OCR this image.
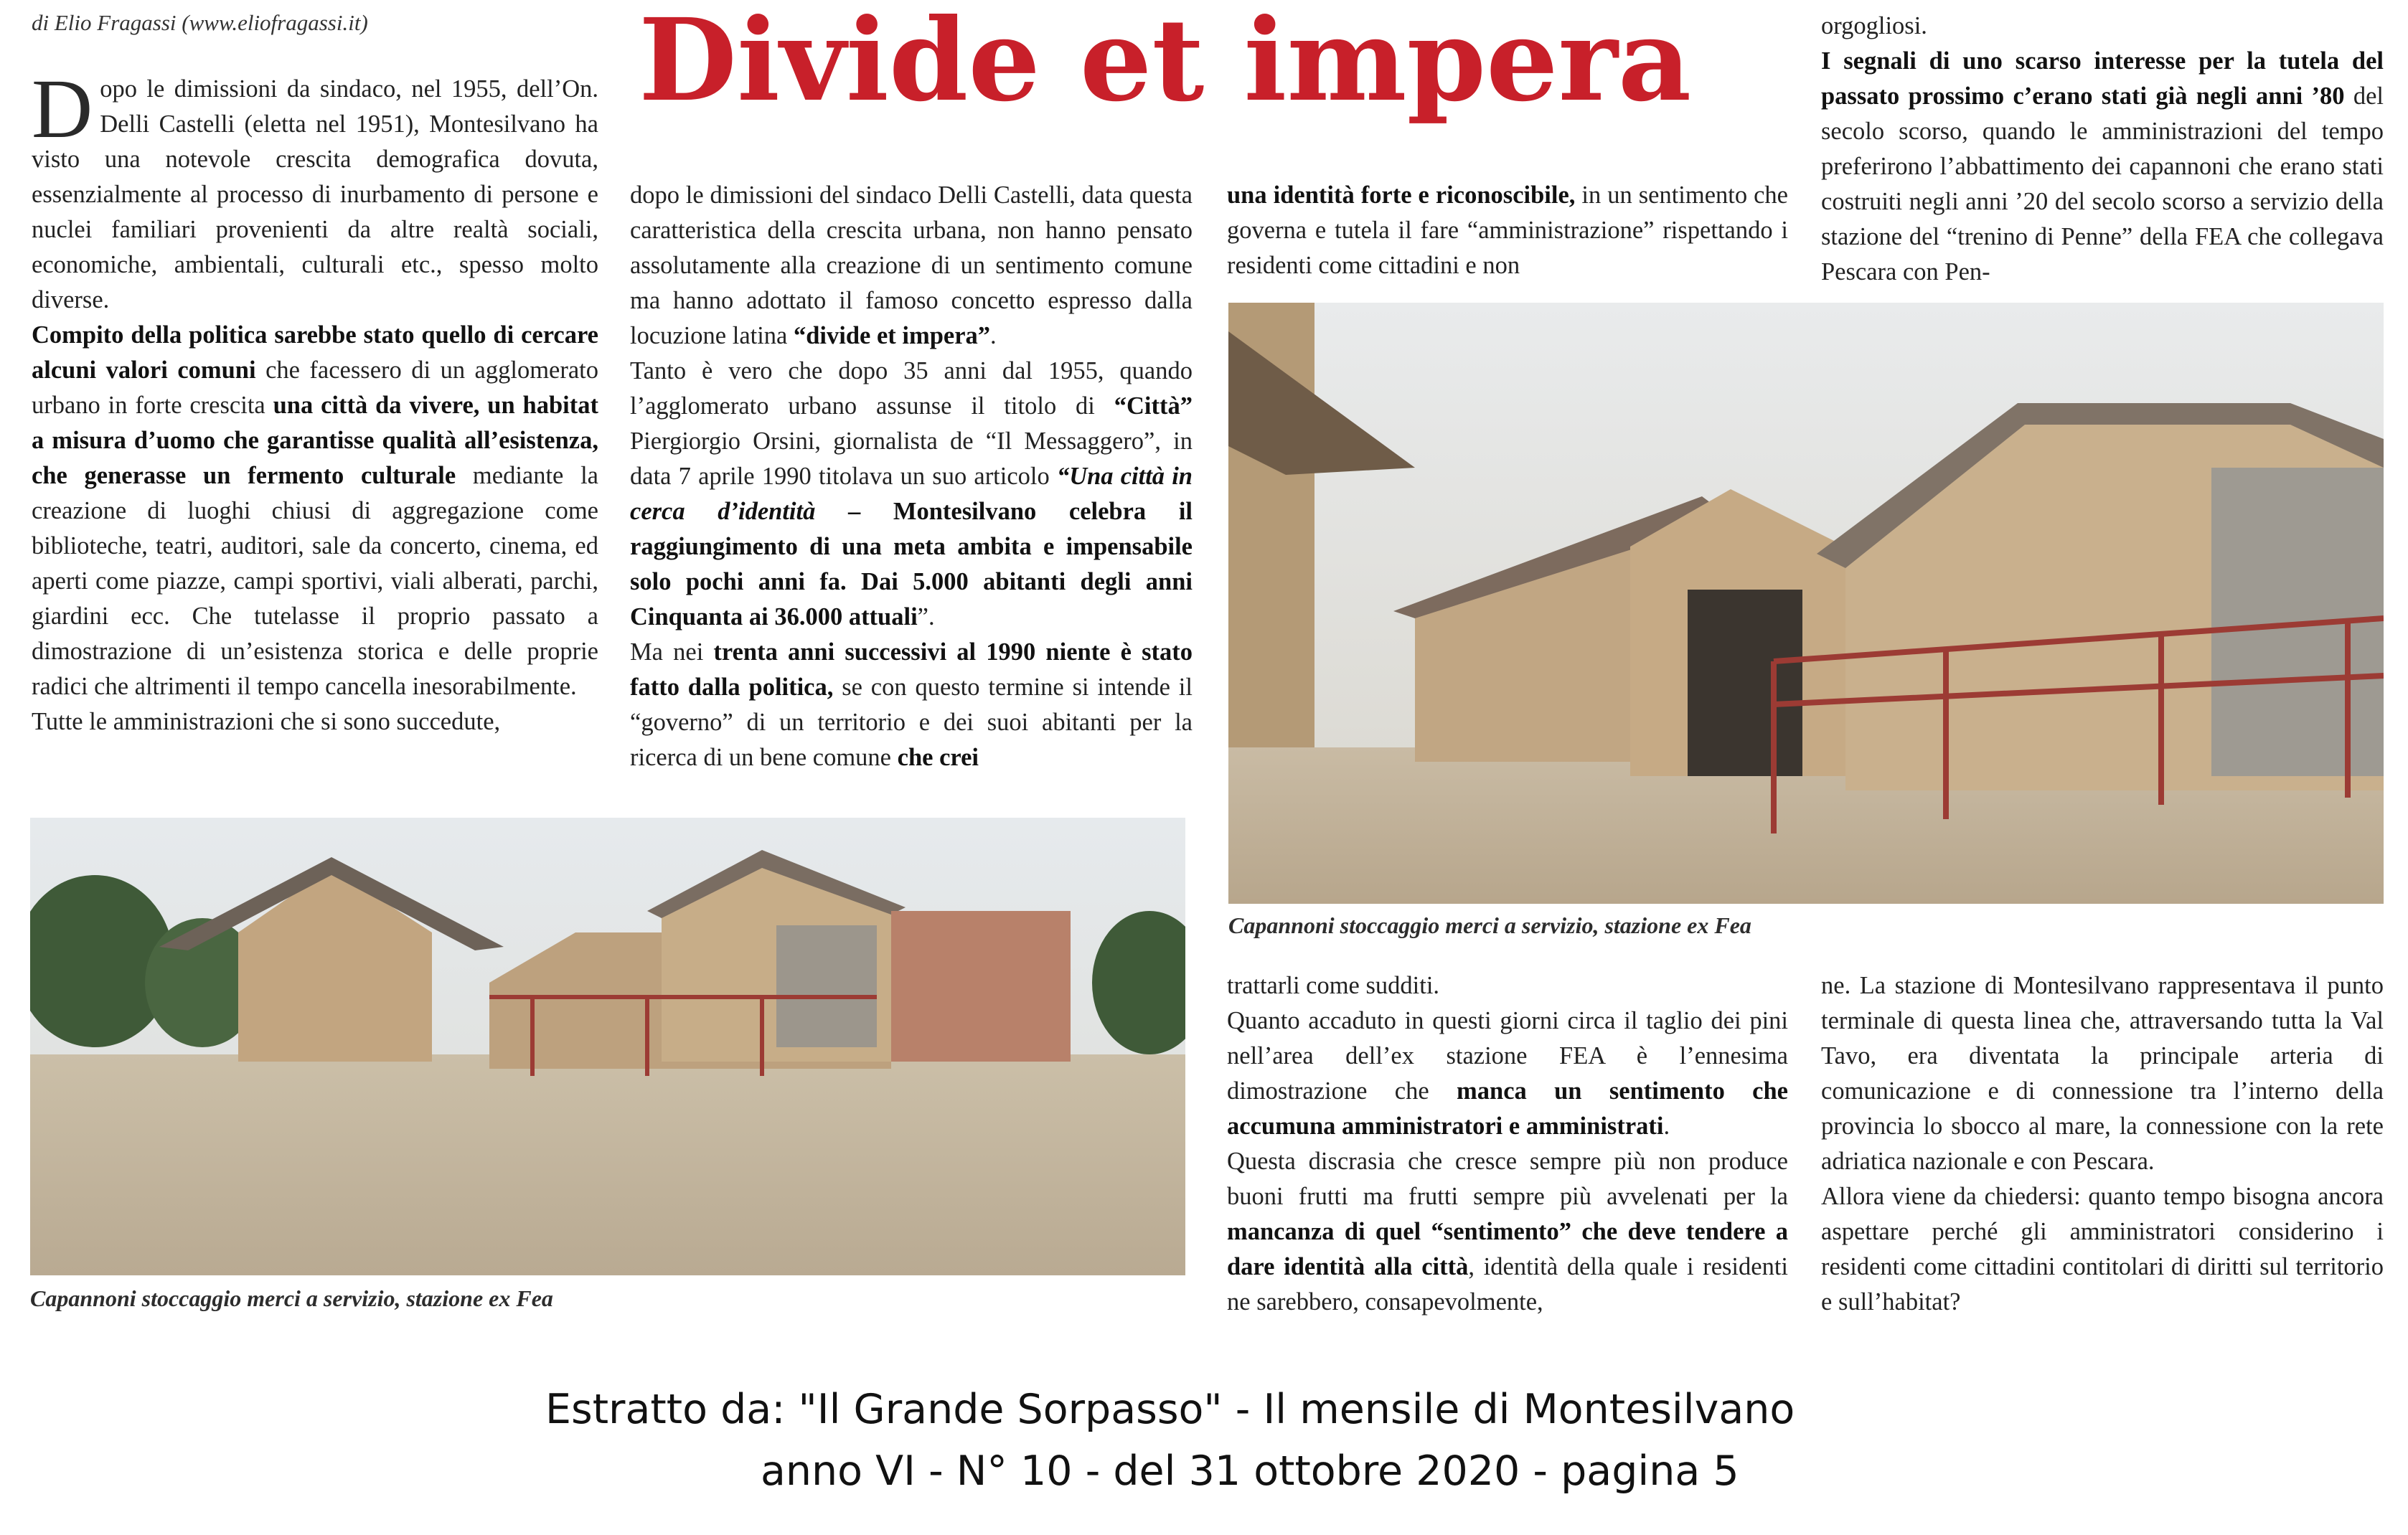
di Elio Fragassi (www.eliofragassi.it) Divide et impera

Dopo le dimissioni da sindaco, nel 1955, dell’On. Delli Castelli (eletta nel 1951), Montesilvano ha visto una notevole crescita demografica dovuta, essenzialmente al processo di inurbamento di persone e nuclei familiari provenienti da altre realtà sociali, economiche, ambientali, culturali etc., spesso molto diverse.

Compito della politica sarebbe stato quello di cercare alcuni valori comuni che facessero di un agglomerato urbano in forte crescita una città da vivere, un habitat a misura d’uomo che garantisse qualità all’esistenza, che generasse un fermento culturale mediante la creazione di luoghi chiusi di aggregazione come biblioteche, teatri, auditori, sale da concerto, cinema, ed aperti come piazze, campi sportivi, viali alberati, parchi, giardini ecc. Che tutelasse il proprio passato a dimostrazione di un’esistenza storica e delle proprie radici che altrimenti il tempo cancella inesorabilmente.

Tutte le amministrazioni che si sono succedute,

dopo le dimissioni del sindaco Delli Castelli, data questa caratteristica della crescita urbana, non hanno pensato assolutamente alla creazione di un sentimento comune ma hanno adottato il famoso concetto espresso dalla locuzione latina “divide et impera”.

Tanto è vero che dopo 35 anni dal 1955, quando l’agglomerato urbano assunse il titolo di “Città” Piergiorgio Orsini, giornalista de “Il Messaggero”, in data 7 aprile 1990 titolava un suo articolo “Una città in cerca d’identità – Montesilvano celebra il raggiungimento di una meta ambita e impensabile solo pochi anni fa. Dai 5.000 abitanti degli anni Cinquanta ai 36.000 attuali”.

Ma nei trenta anni successivi al 1990 niente è stato fatto dalla politica, se con questo termine si intende il “governo” di un territorio e dei suoi abitanti per la ricerca di un bene comune che crei

una identità forte e riconoscibile, in un sentimento che governa e tutela il fare “amministrazione” rispettando i residenti come cittadini e non

orgogliosi.

I segnali di uno scarso interesse per la tutela del passato prossimo c’erano stati già negli anni ’80 del secolo scorso, quando le amministrazioni del tempo preferirono l’abbattimento dei capannoni che erano stati costruiti negli anni ’20 del secolo scorso a servizio della stazione del “trenino di Penne” della FEA che collegava Pescara con Pen-

Capannoni stoccaggio merci a servizio, stazione ex Fea
Capannoni stoccaggio merci a servizio, stazione ex Fea

trattarli come sudditi.

Quanto accaduto in questi giorni circa il taglio dei pini nell’area dell’ex stazione FEA è l’ennesima dimostrazione che manca un sentimento che accumuna amministratori e amministrati.

Questa discrasia che cresce sempre più non produce buoni frutti ma frutti sempre più avvelenati per la mancanza di quel “sentimento” che deve tendere a dare identità alla città, identità della quale i residenti ne sarebbero, consapevolmente,

ne. La stazione di Montesilvano rappresentava il punto terminale di questa linea che, attraversando tutta la Val Tavo, era diventata la principale arteria di comunicazione e di connessione tra l’interno della provincia lo sbocco al mare, la connessione con la rete adriatica nazionale e con Pescara.

Allora viene da chiedersi: quanto tempo bisogna ancora aspettare perché gli amministratori considerino i residenti come cittadini contitolari di diritti sul territorio e sull’habitat?

Estratto da: "Il Grande Sorpasso" - Il mensile di Montesilvano
anno VI - N° 10 - del 31 ottobre 2020 - pagina 5
